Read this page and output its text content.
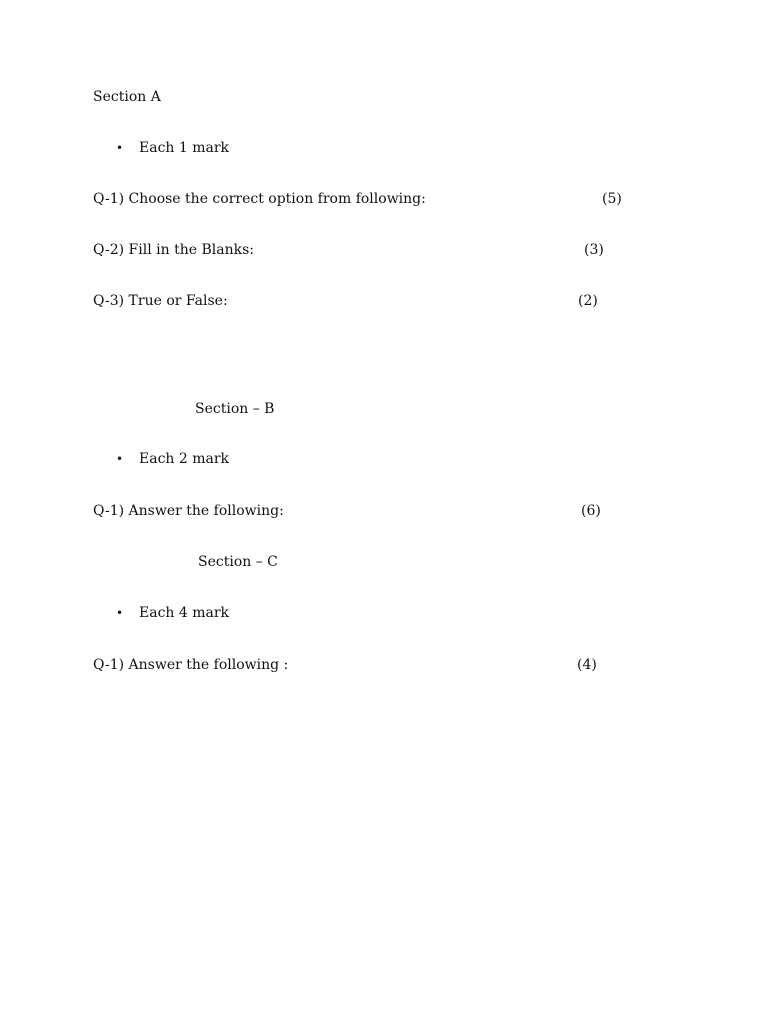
Section A
• Each 1 mark
Q-1) Choose the correct option from following:	(5)
Q-2) Fill in the Blanks:	(3)
Q-3) True or False:	(2)
Section – B
• Each 2 mark
Q-1) Answer the following:	(6)
Section – C
• Each 4 mark
Q-1) Answer the following :	(4)
